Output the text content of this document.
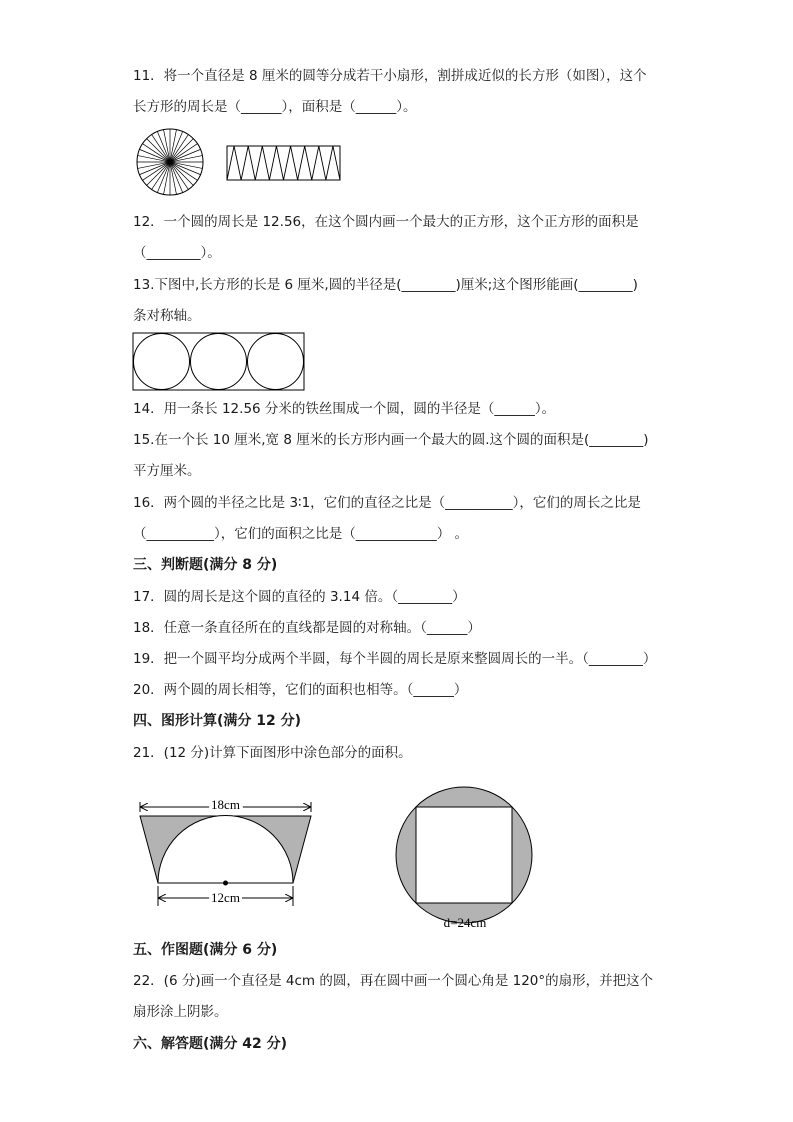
11．将一个直径是 8 厘米的圆等分成若干小扇形，割拼成近似的长方形（如图），这个
长方形的周长是（______），面积是（______）。
12．一个圆的周长是 12.56，在这个圆内画一个最大的正方形，这个正方形的面积是
（________）。
13.下图中,长方形的长是 6 厘米,圆的半径是(________)厘米;这个图形能画(________)
条对称轴。
14．用一条长 12.56 分米的铁丝围成一个圆，圆的半径是（______）。
15.在一个长 10 厘米,宽 8 厘米的长方形内画一个最大的圆.这个圆的面积是(________)
平方厘米。
16．两个圆的半径之比是 3∶1，它们的直径之比是（__________），它们的周长之比是
（__________），它们的面积之比是（____________） 。
三、判断题(满分 8 分)
17．圆的周长是这个圆的直径的 3.14 倍。（________）
18．任意一条直径所在的直线都是圆的对称轴。（______）
19．把一个圆平均分成两个半圆，每个半圆的周长是原来整圆周长的一半。（________）
20．两个圆的周长相等，它们的面积也相等。（______）
四、图形计算(满分 12 分)
21．(12 分)计算下面图形中涂色部分的面积。
18cm
12cm
d=24cm
五、作图题(满分 6 分)
22．(6 分)画一个直径是 4cm 的圆，再在圆中画一个圆心角是 120°的扇形，并把这个
扇形涂上阴影。
六、解答题(满分 42 分)
